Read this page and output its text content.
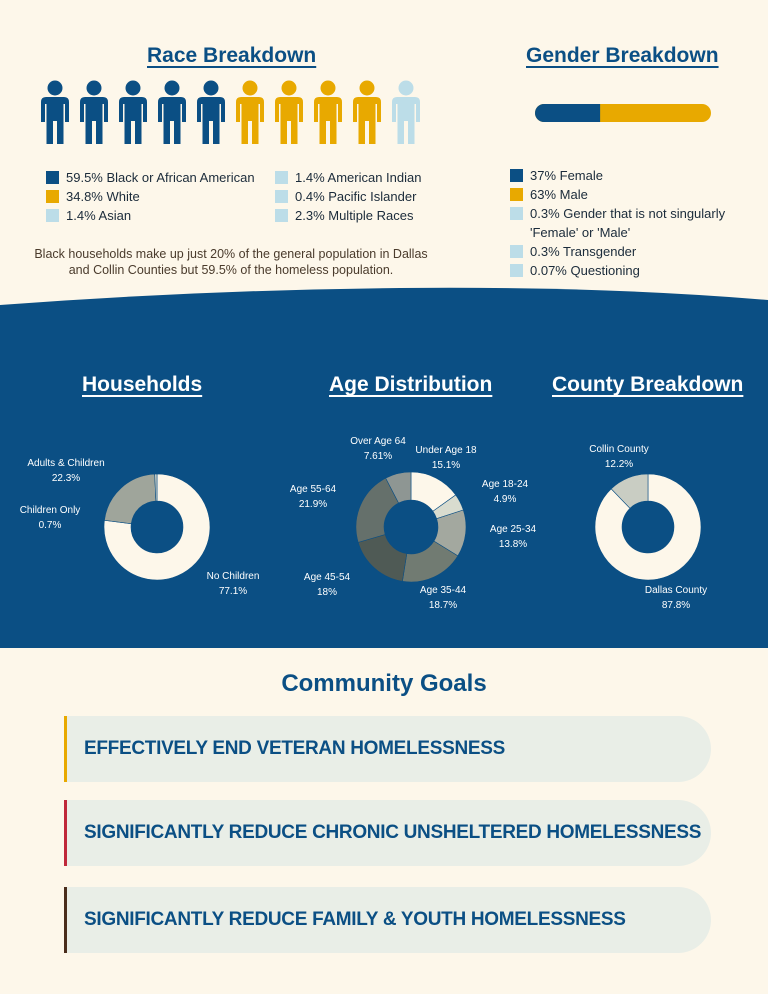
Race Breakdown
59.5% Black or African American
34.8% White
1.4% Asian
1.4% American Indian
0.4% Pacific Islander
2.3% Multiple Races
Black households make up just 20% of the general population in Dallas and Collin Counties but 59.5% of the homeless population.
Gender Breakdown
37% Female
63% Male
0.3% Gender that is not singularly 'Female' or 'Male'
0.3% Transgender
0.07% Questioning
Households	Age Distribution	County Breakdown
No Children
77.1%
Adults & Children
22.3%
Children Only
0.7%
Under Age 18
15.1%
Age 18-24
4.9%
Age 25-34
13.8%
Age 35-44
18.7%
Age 45-54
18%
Age 55-64
21.9%
Over Age 64
7.61%
Dallas County
87.8%
Collin County
12.2%
Community Goals
EFFECTIVELY END VETERAN HOMELESSNESS
SIGNIFICANTLY REDUCE CHRONIC UNSHELTERED HOMELESSNESS
SIGNIFICANTLY REDUCE FAMILY & YOUTH HOMELESSNESS
